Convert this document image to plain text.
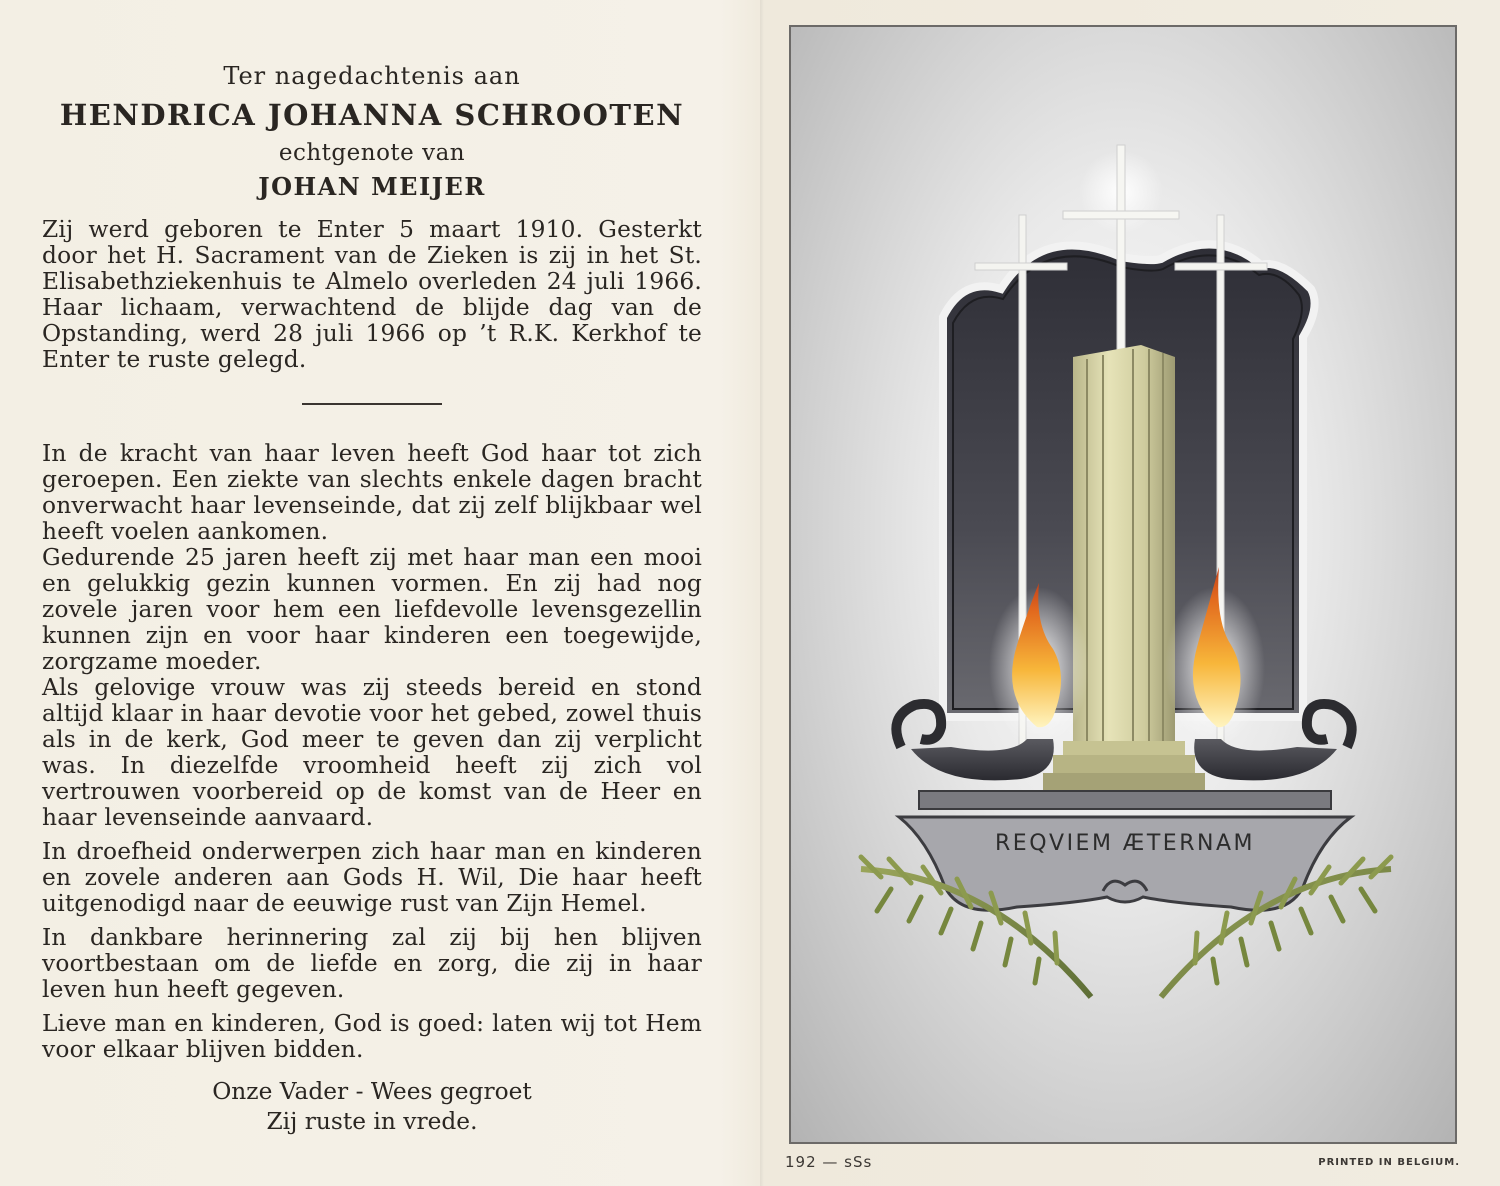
Ter nagedachtenis aan
HENDRICA JOHANNA SCHROOTEN
echtgenote van
JOHAN MEIJER

Zij werd geboren te Enter 5 maart 1910. Gesterkt door het H. Sacrament van de Zieken is zij in het St. Elisabethziekenhuis te Almelo overleden 24 juli 1966. Haar lichaam, verwachtend de blijde dag van de Opstanding, werd 28 juli 1966 op ’t R.K. Kerkhof te Enter te ruste gelegd.

In de kracht van haar leven heeft God haar tot zich geroepen. Een ziekte van slechts enkele dagen bracht onverwacht haar levenseinde, dat zij zelf blijkbaar wel heeft voelen aankomen.

Gedurende 25 jaren heeft zij met haar man een mooi en gelukkig gezin kunnen vormen. En zij had nog zovele jaren voor hem een liefdevolle levensgezellin kunnen zijn en voor haar kinderen een toegewijde, zorgzame moeder.

Als gelovige vrouw was zij steeds bereid en stond altijd klaar in haar devotie voor het gebed, zowel thuis als in de kerk, God meer te geven dan zij verplicht was. In diezelfde vroomheid heeft zij zich vol vertrouwen voorbereid op de komst van de Heer en haar levenseinde aanvaard.

In droefheid onderwerpen zich haar man en kinderen en zovele anderen aan Gods H. Wil, Die haar heeft uitgenodigd naar de eeuwige rust van Zijn Hemel.

In dankbare herinnering zal zij bij hen blijven voortbestaan om de liefde en zorg, die zij in haar leven hun heeft gegeven.

Lieve man en kinderen, God is goed: laten wij tot Hem voor elkaar blijven bidden.

Onze Vader - Wees gegroet
Zij ruste in vrede.
REQVIEM ÆTERNAM
192 — sSs	PRINTED IN BELGIUM.
